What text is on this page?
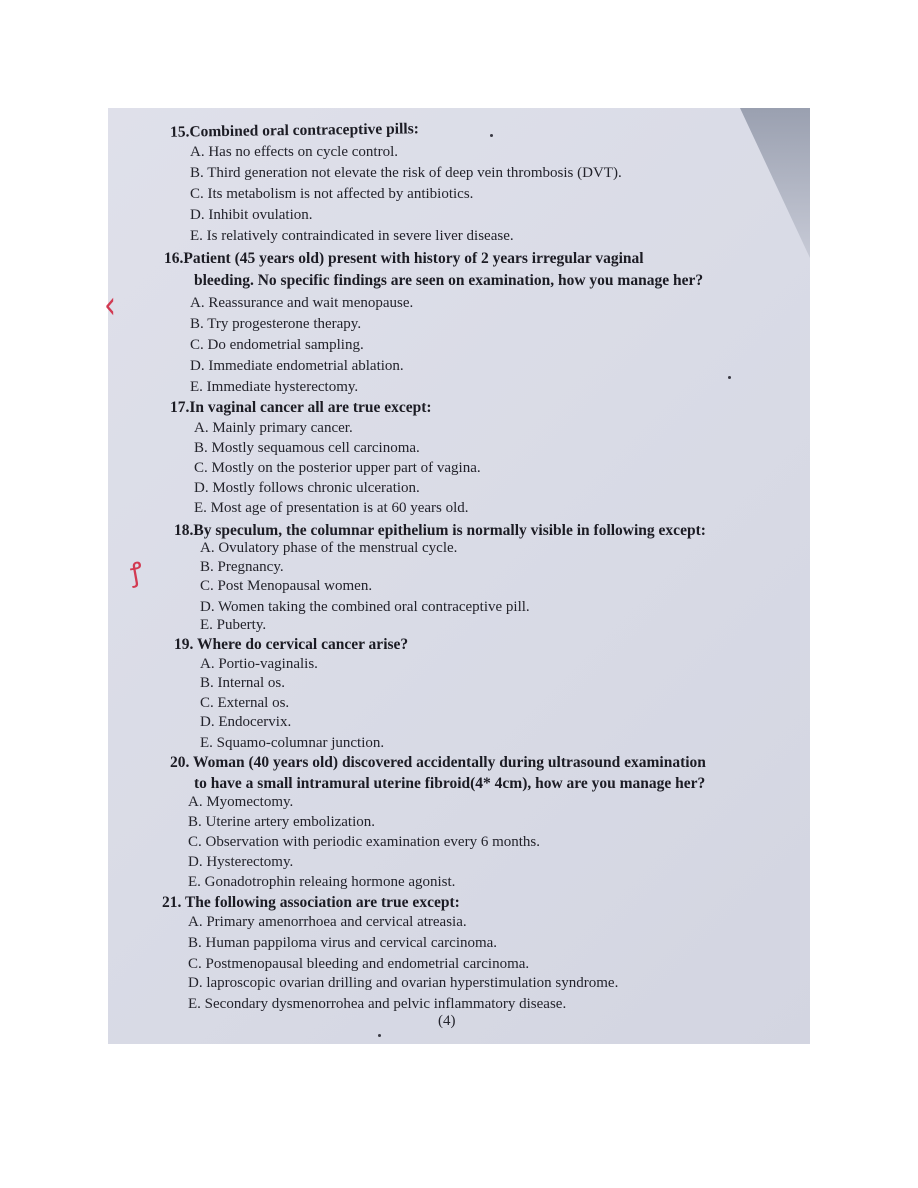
15.Combined oral contraceptive pills:

A. Has no effects on cycle control.

B. Third generation not elevate the risk of deep vein thrombosis (DVT).

C. Its metabolism is not affected by antibiotics.

D. Inhibit ovulation.

E. Is relatively contraindicated in severe liver disease.

16.Patient (45 years old) present with history of 2 years irregular vaginal

bleeding. No specific findings are seen on examination, how you manage her?

A. Reassurance and wait menopause.

B. Try progesterone therapy.

C. Do endometrial sampling.

D. Immediate endometrial ablation.

E. Immediate hysterectomy.

17.In vaginal cancer all are true except:

A. Mainly primary cancer.

B. Mostly sequamous cell carcinoma.

C. Mostly on the posterior upper part of vagina.

D. Mostly follows chronic ulceration.

E. Most age of presentation is at 60 years old.

18.By speculum, the columnar epithelium is normally visible in following except:

A. Ovulatory phase of the menstrual cycle.

B. Pregnancy.

C. Post Menopausal women.

D. Women taking the combined oral contraceptive pill.

E. Puberty.

19. Where do cervical cancer arise?

A. Portio-vaginalis.

B. Internal os.

C. External os.

D. Endocervix.

E. Squamo-columnar junction.

20. Woman (40 years old) discovered accidentally during ultrasound examination

to have a small intramural uterine fibroid(4* 4cm), how are you manage her?

A. Myomectomy.

B. Uterine artery embolization.

C. Observation with periodic examination every 6 months.

D. Hysterectomy.

E. Gonadotrophin releaing hormone agonist.

21. The following association are true except:

A. Primary amenorrhoea and cervical atreasia.

B. Human pappiloma virus and cervical carcinoma.

C. Postmenopausal bleeding and endometrial carcinoma.

D. laproscopic ovarian drilling and ovarian hyperstimulation syndrome.

E. Secondary dysmenorrohea and pelvic inflammatory disease.

(4)
‹
ꝭ
